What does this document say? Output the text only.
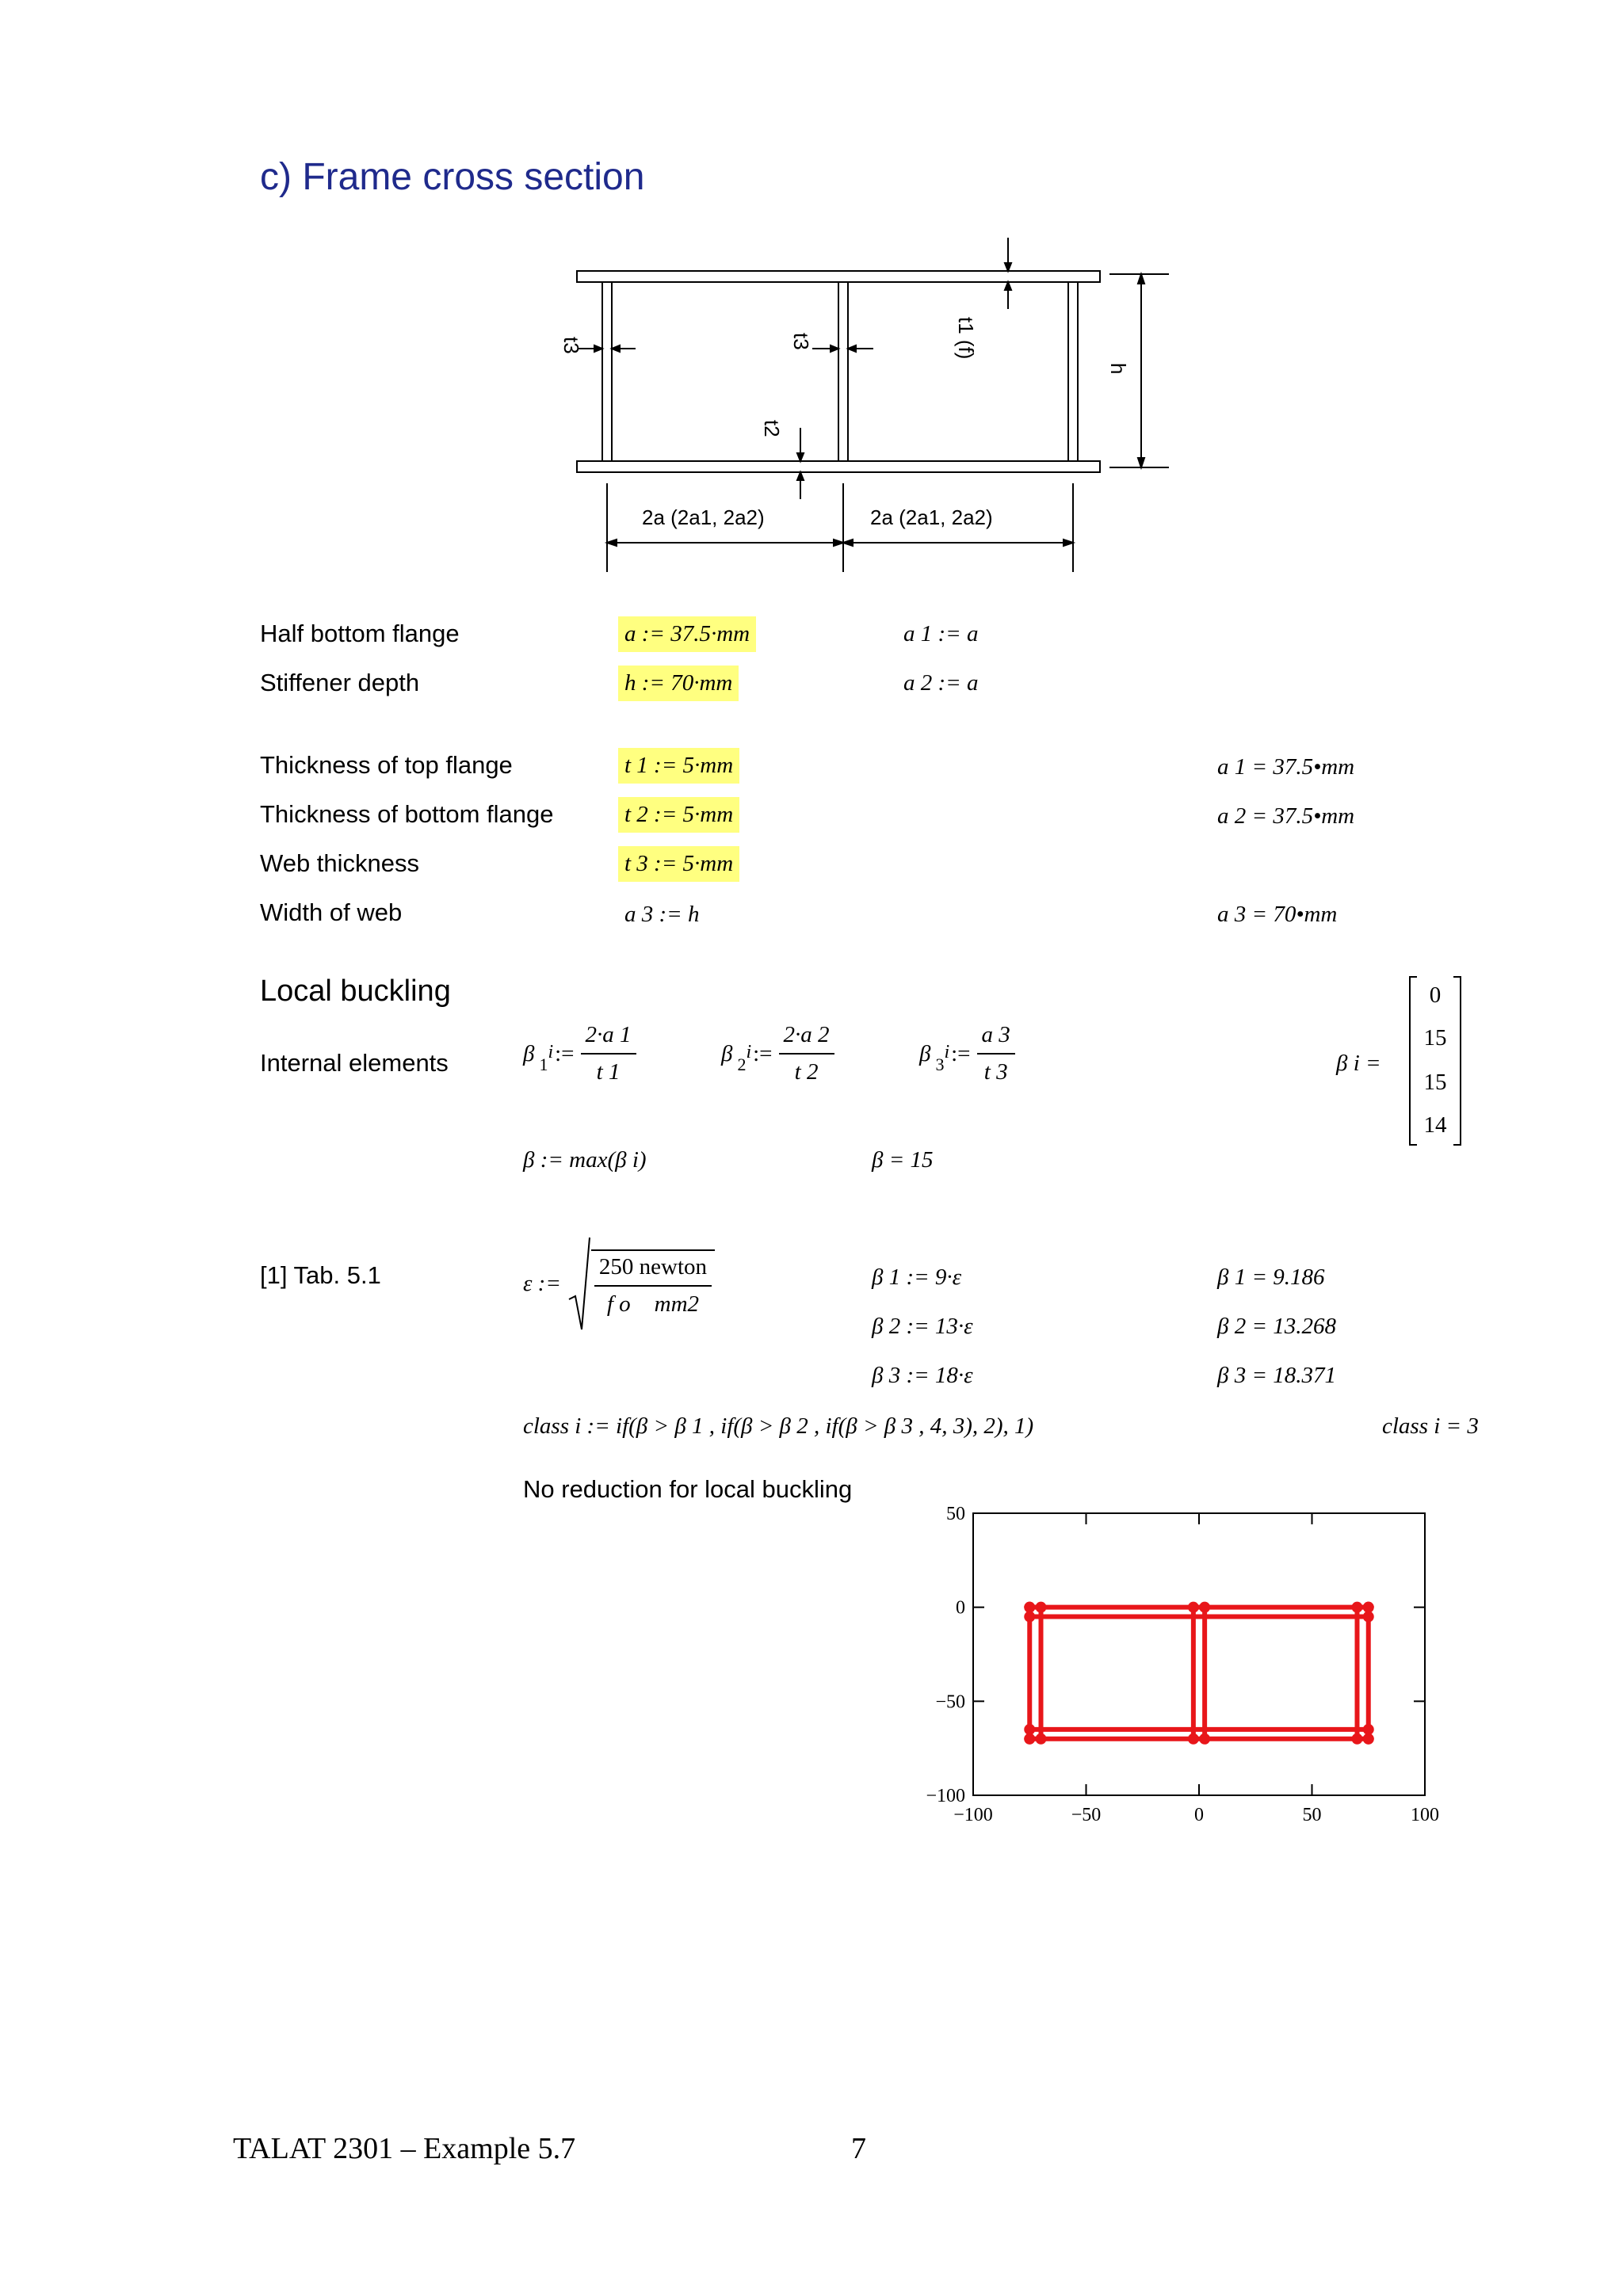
c) Frame cross section
t3	t3	t1 (f)
t2
h
2a (2a1, 2a2)	2a (2a1, 2a2)
Half bottom flange	a := 37.5·mm	a 1 := a
Stiffener depth	h := 70·mm	a 2 := a
Thickness of top flange	t 1 := 5·mm	a 1 = 37.5•mm
Thickness of bottom flange	t 2 := 5·mm	a 2 = 37.5•mm
Web thickness	t 3 := 5·mm
Width of web	a 3 := h	a 3 = 70•mm
Local buckling
Internal elements	β 1
i := $\frac{2\cdot a 1}{t 1}$	β 2
i := $\frac{2\cdot a 2}{t 2}$	β 3
i := $\frac{a 3}{t 3}$	β i =
0
15
15
14
β := max(β i)	β = 15
[1] Tab. 5.1	ε := $\frac{\text{250 newton}}{\text{f o mm2}}$	β 1 := 9·ε
β 2 := 13·ε
β 3 := 18·ε
β 1 = 9.186
β 2 = 13.268
β 3 = 18.371
class i := if(β > β 1 , if(β > β 2 , if(β > β 3 , 4, 3), 2), 1)	class i = 3
No reduction for local buckling
−100	−50	0	50	100
50
0
−50
−100
TALAT 2301 – Example 5.7	7
